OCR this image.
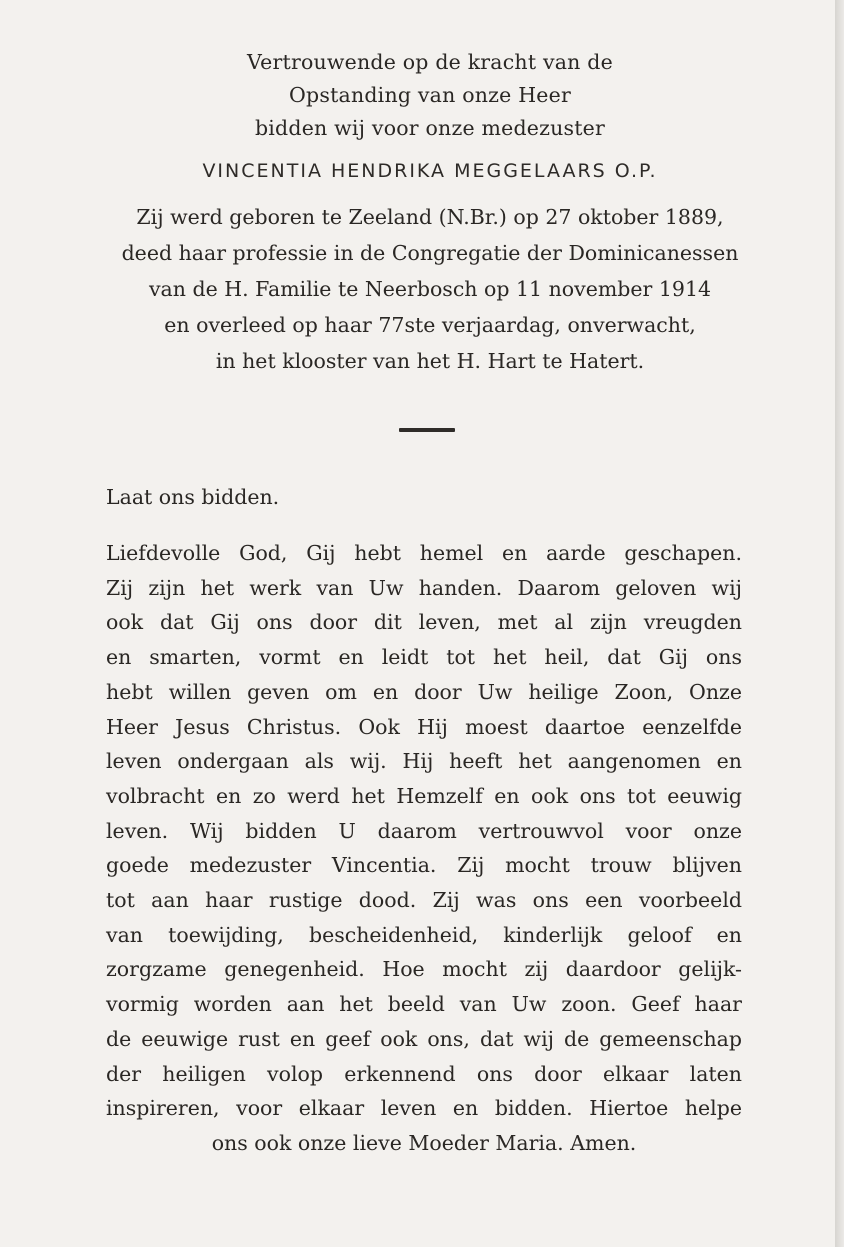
Vertrouwende op de kracht van de
Opstanding van onze Heer
bidden wij voor onze medezuster
VINCENTIA HENDRIKA MEGGELAARS O.P.
Zij werd geboren te Zeeland (N.Br.) op 27 oktober 1889,
deed haar professie in de Congregatie der Dominicanessen
van de H. Familie te Neerbosch op 11 november 1914
en overleed op haar 77ste verjaardag, onverwacht,
in het klooster van het H. Hart te Hatert.
Laat ons bidden.
Liefdevolle God, Gij hebt hemel en aarde geschapen.
Zij zijn het werk van Uw handen. Daarom geloven wij
ook dat Gij ons door dit leven, met al zijn vreugden
en smarten, vormt en leidt tot het heil, dat Gij ons
hebt willen geven om en door Uw heilige Zoon, Onze
Heer Jesus Christus. Ook Hij moest daartoe eenzelfde
leven ondergaan als wij. Hij heeft het aangenomen en
volbracht en zo werd het Hemzelf en ook ons tot eeuwig
leven. Wij bidden U daarom vertrouwvol voor onze
goede medezuster Vincentia. Zij mocht trouw blijven
tot aan haar rustige dood. Zij was ons een voorbeeld
van toewijding, bescheidenheid, kinderlijk geloof en
zorgzame genegenheid. Hoe mocht zij daardoor gelijk-
vormig worden aan het beeld van Uw zoon. Geef haar
de eeuwige rust en geef ook ons, dat wij de gemeenschap
der heiligen volop erkennend ons door elkaar laten
inspireren, voor elkaar leven en bidden. Hiertoe helpe
ons ook onze lieve Moeder Maria. Amen.
